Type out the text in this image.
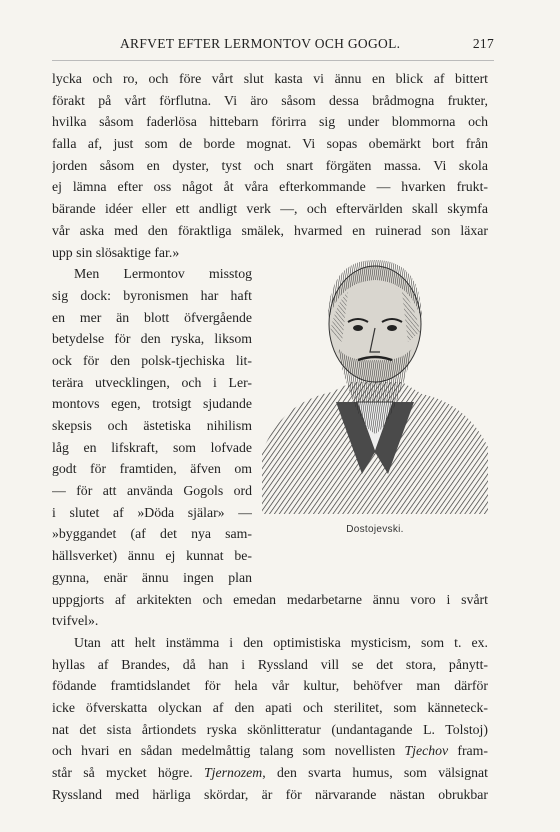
ARFVET EFTER LERMONTOV OCH GOGOL.	217
lycka och ro, och före vårt slut kasta vi ännu en blick af bittert
förakt på vårt förflutna. Vi äro såsom dessa brådmogna frukter,
hvilka såsom faderlösa hittebarn förirra sig under blommorna och
falla af, just som de borde mognat. Vi sopas obemärkt bort från
jorden såsom en dyster, tyst och snart förgäten massa. Vi skola
ej lämna efter oss något åt våra efterkommande — hvarken frukt-
bärande idéer eller ett andligt verk —, och eftervärlden skall skymfa
vår aska med den föraktliga smälek, hvarmed en ruinerad son läxar
upp sin slösaktige far.»
Men Lermontov misstog
sig dock: byronismen har haft
en mer än blott öfvergående
betydelse för den ryska, liksom
ock för den polsk-tjechiska lit-
terära utvecklingen, och i Ler-
montovs egen, trotsigt sjudande
skepsis och ästetiska nihilism
låg en lifskraft, som lofvade
godt för framtiden, äfven om
— för att använda Gogols ord
i slutet af »Döda själar» —
»byggandet (af det nya sam-
hällsverket) ännu ej kunnat be-
gynna, enär ännu ingen plan
uppgjorts af arkitekten och emedan medarbetarne ännu voro i svårt
tvifvel».
Utan att helt instämma i den optimistiska mysticism, som t. ex.
hyllas af Brandes, då han i Ryssland vill se det stora, pånytt-
födande framtidslandet för hela vår kultur, behöfver man därför
icke öfverskatta olyckan af den apati och sterilitet, som känneteck-
nat det sista årtiondets ryska skönlitteratur (undantagande L. Tolstoj)
och hvari en sådan medelmåttig talang som novellisten Tjechov fram-
står så mycket högre. Tjernozem, den svarta humus, som välsignat
Ryssland med härliga skördar, är för närvarande nästan obrukbar
Dostojevski.
